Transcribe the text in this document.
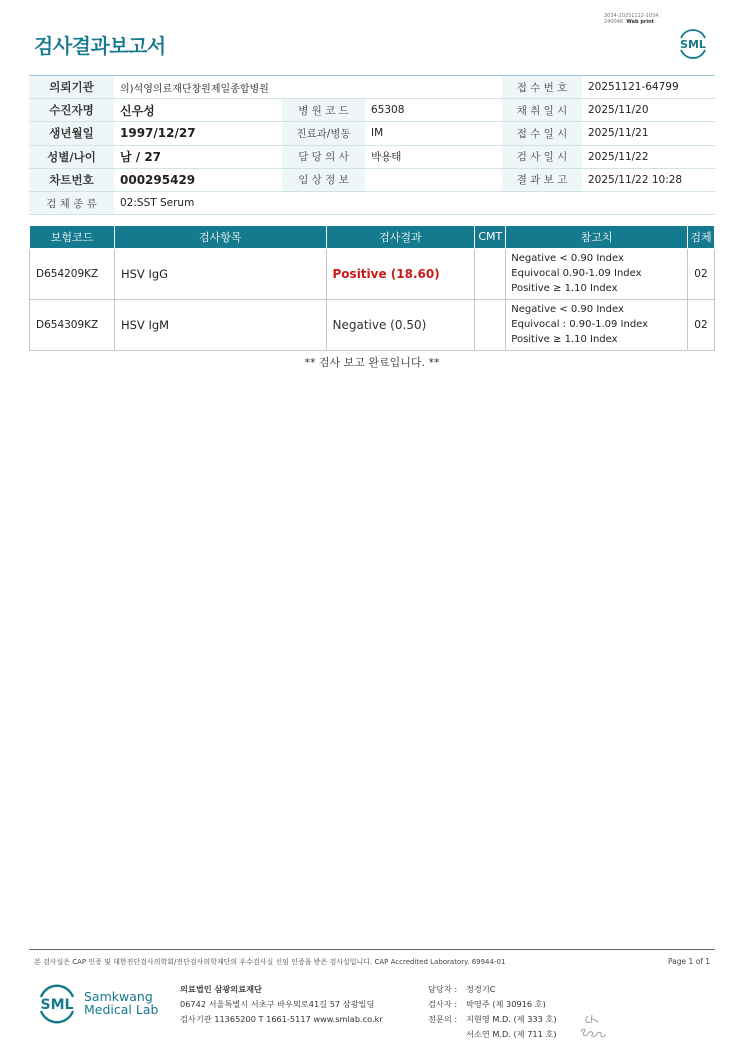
3034-20251122-1034
240046 Web print
검사결과보고서	SML
의뢰기관	의)석영의료재단창원제일종합병원			접 수 번 호	20251121-64799
수진자명	신우성	병 원 코 드	65308	채 취 일 시	2025/11/20
생년월일	1997/12/27	진료과/병동	IM	접 수 일 시	2025/11/21
성별/나이	남 / 27	담 당 의 사	박용태	검 사 일 시	2025/11/22
차트번호	000295429	임 상 정 보		결 과 보 고	2025/11/22 10:28
검 체 종 류	02:SST Serum				
보험코드	검사항목	검사결과	CMT	참고치	검체
D654209KZ	HSV IgG	Positive (18.60)		Negative < 0.90 Index
Equivocal 0.90-1.09 Index
Positive ≥ 1.10 Index	02
D654309KZ	HSV IgM	Negative (0.50)		Negative < 0.90 Index
Equivocal : 0.90-1.09 Index
Positive ≥ 1.10 Index	02
** 검사 보고 완료입니다. **
본 검사실은 CAP 인증 및 대한진단검사의학회/진단검사의학재단의 우수검사실 신임 인증을 받은 검사실입니다. CAP Accredited Laboratory. 69944-01	Page 1 of 1
SML
Samkwang
Medical Lab
의료법인 삼광의료재단
06742 서울특별시 서초구 바우뫼로41길 57 삼광빌딩
검사기관 11365200 T 1661-5117 www.smlab.co.kr
담당자 : 정경기C
검사자 : 박영주 (제 30916 호)
전문의 : 지현영 M.D. (제 333 호)
서소연 M.D. (제 711 호)
